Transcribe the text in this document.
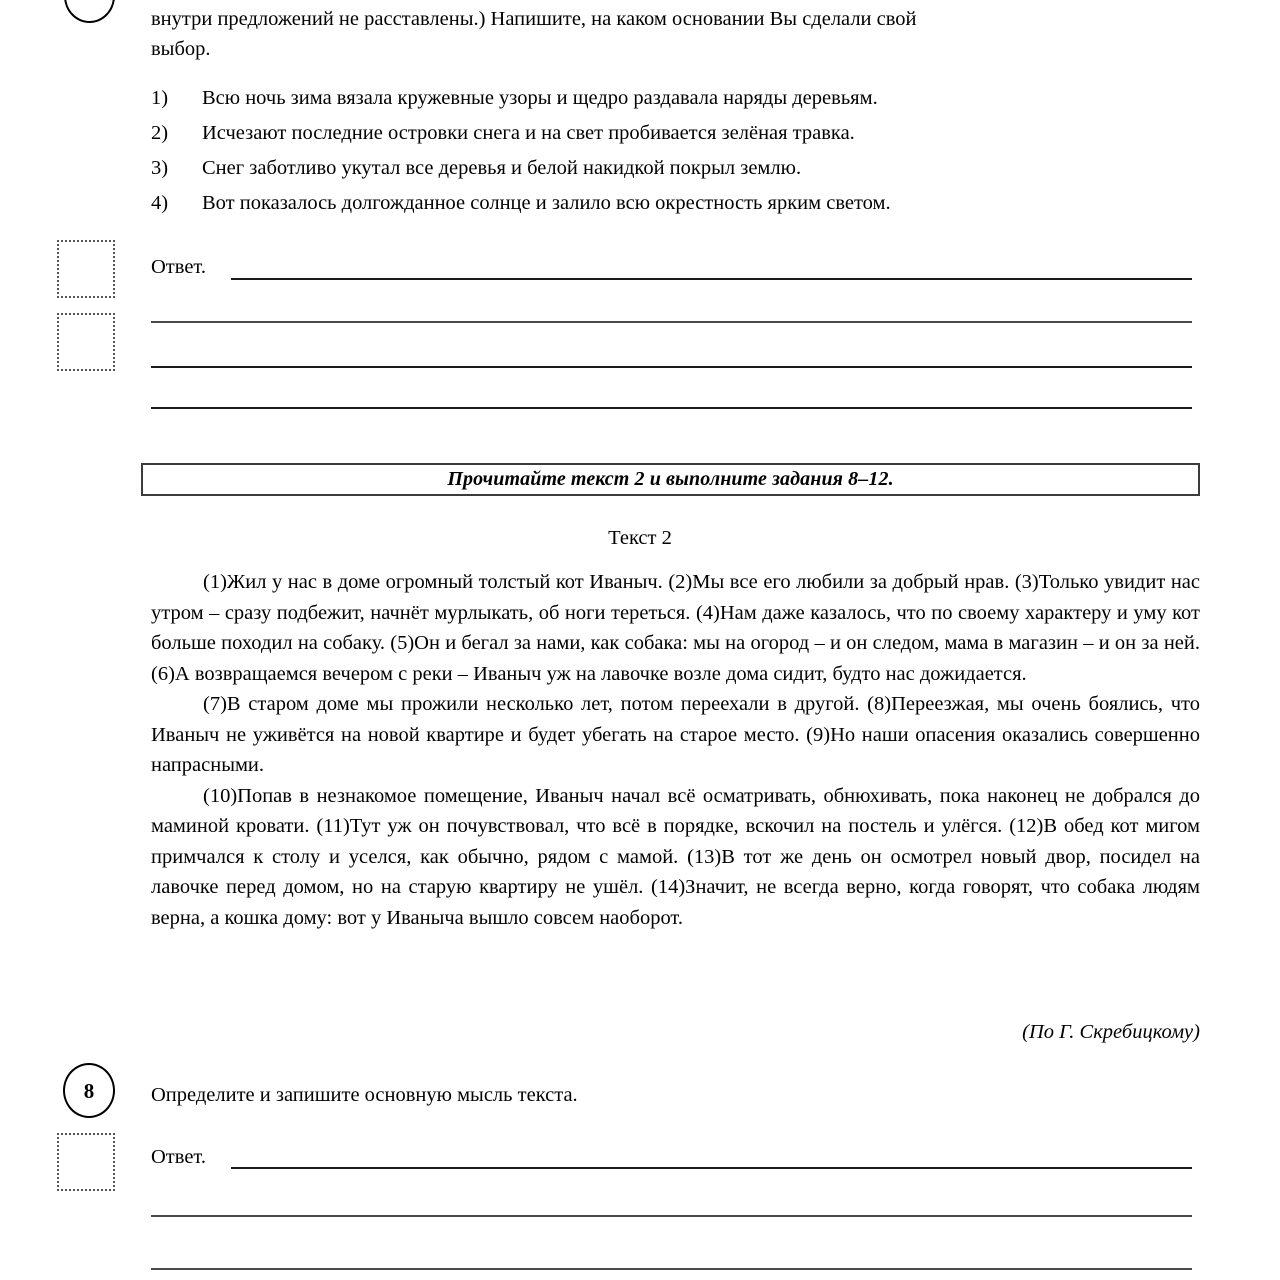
внутри предложений не расставлены.) Напишите, на каком основании Вы сделали свой

выбор.

1)	Всю ночь зима вязала кружевные узоры и щедро раздавала наряды деревьям.
2)	Исчезают последние островки снега и на свет пробивается зелёная травка.
3)	Снег заботливо укутал все деревья и белой накидкой покрыл землю.
4)	Вот показалось долгожданное солнце и залило всю окрестность ярким светом.
Ответ.
Прочитайте текст 2 и выполните задания 8–12.
Текст 2

(1)Жил у нас в доме огромный толстый кот Иваныч. (2)Мы все его любили за добрый нрав. (3)Только увидит нас утром – сразу подбежит, начнёт мурлыкать, об ноги тереться. (4)Нам даже казалось, что по своему характеру и уму кот больше походил на собаку. (5)Он и бегал за нами, как собака: мы на огород – и он следом, мама в магазин – и он за ней. (6)А возвращаемся вечером с реки – Иваныч уж на лавочке возле дома сидит, будто нас дожидается.

(7)В старом доме мы прожили несколько лет, потом переехали в другой. (8)Переезжая, мы очень боялись, что Иваныч не уживётся на новой квартире и будет убегать на старое место. (9)Но наши опасения оказались совершенно напрасными.

(10)Попав в незнакомое помещение, Иваныч начал всё осматривать, обнюхивать, пока наконец не добрался до маминой кровати. (11)Тут уж он почувствовал, что всё в порядке, вскочил на постель и улёгся. (12)В обед кот мигом примчался к столу и уселся, как обычно, рядом с мамой. (13)В тот же день он осмотрел новый двор, посидел на лавочке перед домом, но на старую квартиру не ушёл. (14)Значит, не всегда верно, когда говорят, что собака людям верна, а кошка дому: вот у Иваныча вышло совсем наоборот.

(По Г. Скребицкому)
8	Определите и запишите основную мысль текста.
Ответ.
